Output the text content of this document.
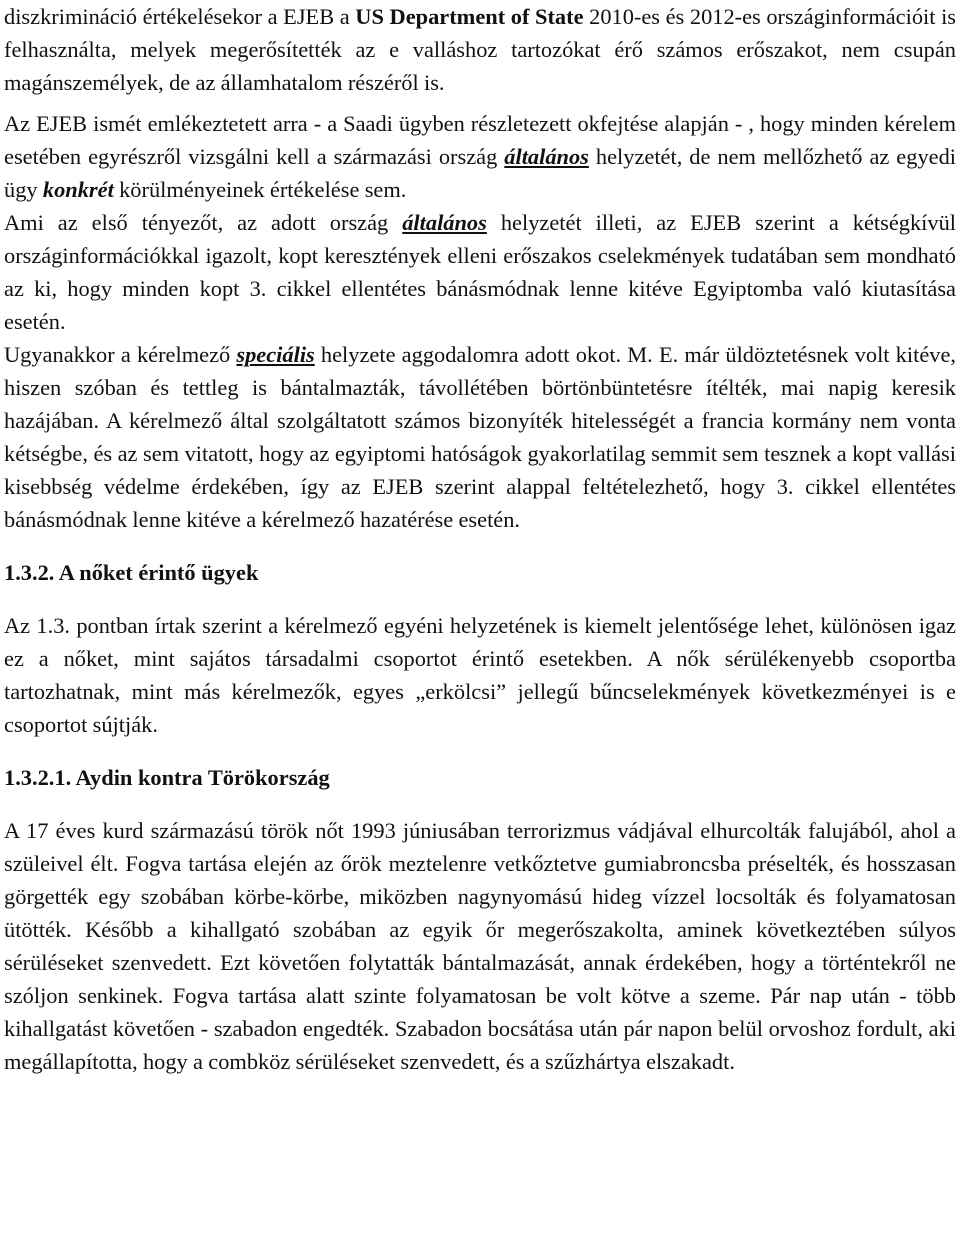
diszkrimináció értékelésekor a EJEB a US Department of State 2010-es és 2012-es országinformációit is felhasználta, melyek megerősítették az e valláshoz tartozókat érő számos erőszakot, nem csupán magánszemélyek, de az államhatalom részéről is.

Az EJEB ismét emlékeztetett arra - a Saadi ügyben részletezett okfejtése alapján - , hogy minden kérelem esetében egyrészről vizsgálni kell a származási ország általános helyzetét, de nem mellőzhető az egyedi ügy konkrét körülményeinek értékelése sem.

Ami az első tényezőt, az adott ország általános helyzetét illeti, az EJEB szerint a kétségkívül országinformációkkal igazolt, kopt keresztények elleni erőszakos cselekmények tudatában sem mondható az ki, hogy minden kopt 3. cikkel ellentétes bánásmódnak lenne kitéve Egyiptomba való kiutasítása esetén.

Ugyanakkor a kérelmező speciális helyzete aggodalomra adott okot. M. E. már üldöztetésnek volt kitéve, hiszen szóban és tettleg is bántalmazták, távollétében börtönbüntetésre ítélték, mai napig keresik hazájában. A kérelmező által szolgáltatott számos bizonyíték hitelességét a francia kormány nem vonta kétségbe, és az sem vitatott, hogy az egyiptomi hatóságok gyakorlatilag semmit sem tesznek a kopt vallási kisebbség védelme érdekében, így az EJEB szerint alappal feltételezhető, hogy 3. cikkel ellentétes bánásmódnak lenne kitéve a kérelmező hazatérése esetén.

1.3.2. A nőket érintő ügyek

Az 1.3. pontban írtak szerint a kérelmező egyéni helyzetének is kiemelt jelentősége lehet, különösen igaz ez a nőket, mint sajátos társadalmi csoportot érintő esetekben. A nők sérülékenyebb csoportba tartozhatnak, mint más kérelmezők, egyes „erkölcsi” jellegű bűncselekmények következményei is e csoportot sújtják.

1.3.2.1. Aydin kontra Törökország

A 17 éves kurd származású török nőt 1993 júniusában terrorizmus vádjával elhurcolták falujából, ahol a szüleivel élt. Fogva tartása elején az őrök meztelenre vetkőztetve gumiabroncsba préselték, és hosszasan görgették egy szobában körbe-körbe, miközben nagynyomású hideg vízzel locsolták és folyamatosan ütötték. Később a kihallgató szobában az egyik őr megerőszakolta, aminek következtében súlyos sérüléseket szenvedett. Ezt követően folytatták bántalmazását, annak érdekében, hogy a történtekről ne szóljon senkinek. Fogva tartása alatt szinte folyamatosan be volt kötve a szeme. Pár nap után - több kihallgatást követően - szabadon engedték. Szabadon bocsátása után pár napon belül orvoshoz fordult, aki megállapította, hogy a combköz sérüléseket szenvedett, és a szűzhártya elszakadt.
